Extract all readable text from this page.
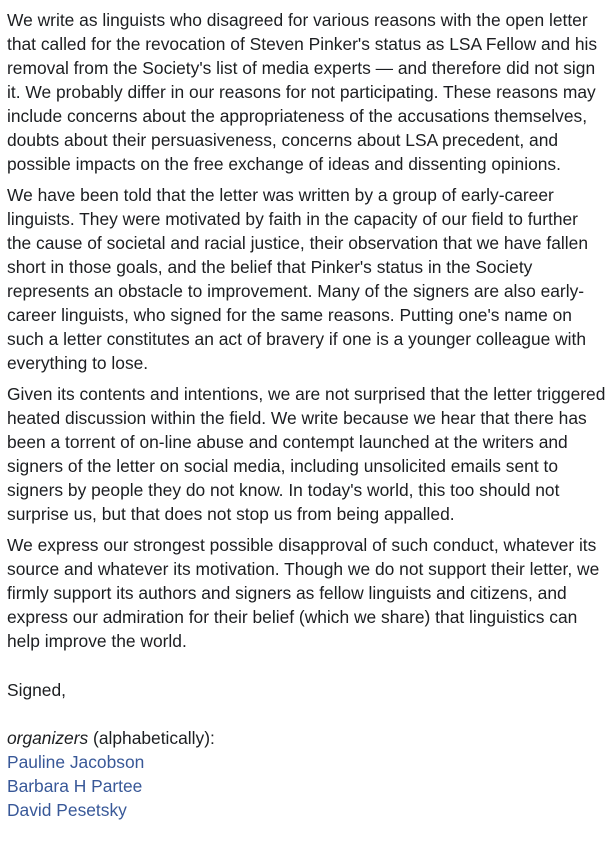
We write as linguists who disagreed for various reasons with the open letter that called for the revocation of Steven Pinker's status as LSA Fellow and his removal from the Society's list of media experts — and therefore did not sign it. We probably differ in our reasons for not participating. These reasons may include concerns about the appropriateness of the accusations themselves, doubts about their persuasiveness, concerns about LSA precedent, and possible impacts on the free exchange of ideas and dissenting opinions.

We have been told that the letter was written by a group of early-career linguists. They were motivated by faith in the capacity of our field to further the cause of societal and racial justice, their observation that we have fallen short in those goals, and the belief that Pinker's status in the Society represents an obstacle to improvement. Many of the signers are also early-career linguists, who signed for the same reasons. Putting one's name on such a letter constitutes an act of bravery if one is a younger colleague with everything to lose.

Given its contents and intentions, we are not surprised that the letter triggered heated discussion within the field. We write because we hear that there has been a torrent of on-line abuse and contempt launched at the writers and signers of the letter on social media, including unsolicited emails sent to signers by people they do not know. In today's world, this too should not surprise us, but that does not stop us from being appalled.

We express our strongest possible disapproval of such conduct, whatever its source and whatever its motivation. Though we do not support their letter, we firmly support its authors and signers as fellow linguists and citizens, and express our admiration for their belief (which we share) that linguistics can help improve the world.

Signed,

organizers (alphabetically):

Pauline Jacobson
Barbara H Partee
David Pesetsky
